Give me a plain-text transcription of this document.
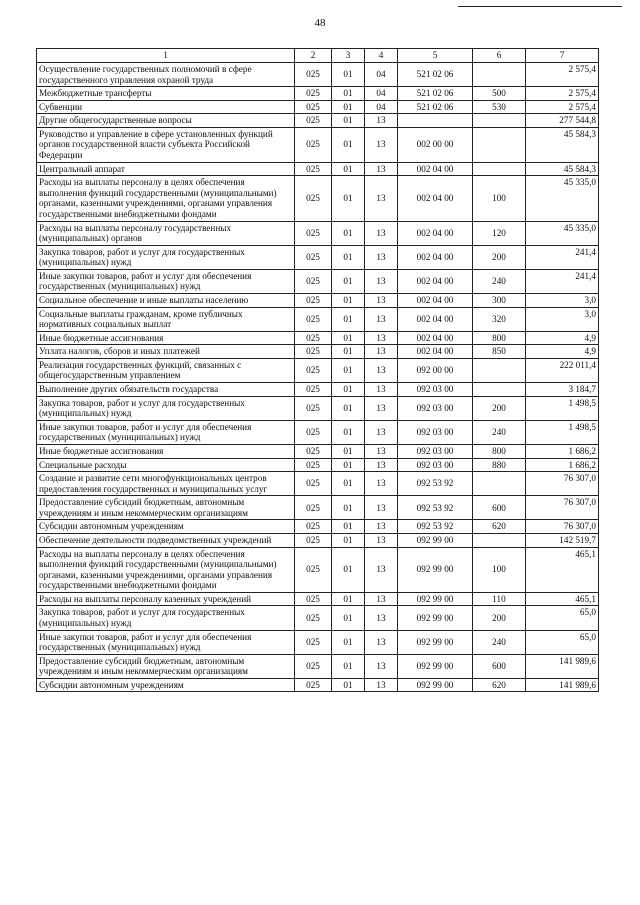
48
1	2	3	4	5	6	7
Осуществление государственных полномочий в сфере государственного управления охраной труда	025	01	04	521 02 06		2 575,4
Межбюджетные трансферты	025	01	04	521 02 06	500	2 575,4
Субвенции	025	01	04	521 02 06	530	2 575,4
Другие общегосударственные вопросы	025	01	13			277 544,8
Руководство и управление в сфере установленных функций органов государственной власти субъекта Российской Федерации	025	01	13	002 00 00		45 584,3
Центральный аппарат	025	01	13	002 04 00		45 584,3
Расходы на выплаты персоналу в целях обеспечения выполнения функций государственными (муниципальными) органами, казенными учреждениями, органами управления государственными внебюджетными фондами	025	01	13	002 04 00	100	45 335,0
Расходы на выплаты персоналу государственных (муниципальных) органов	025	01	13	002 04 00	120	45 335,0
Закупка товаров, работ и услуг для государственных (муниципальных) нужд	025	01	13	002 04 00	200	241,4
Иные закупки товаров, работ и услуг для обеспечения государственных (муниципальных) нужд	025	01	13	002 04 00	240	241,4
Социальное обеспечение и иные выплаты населению	025	01	13	002 04 00	300	3,0
Социальные выплаты гражданам, кроме публичных нормативных социальных выплат	025	01	13	002 04 00	320	3,0
Иные бюджетные ассигнования	025	01	13	002 04 00	800	4,9
Уплата налогов, сборов и иных платежей	025	01	13	002 04 00	850	4,9
Реализация государственных функций, связанных с общегосударственным управлением	025	01	13	092 00 00		222 011,4
Выполнение других обязательств государства	025	01	13	092 03 00		3 184,7
Закупка товаров, работ и услуг для государственных (муниципальных) нужд	025	01	13	092 03 00	200	1 498,5
Иные закупки товаров, работ и услуг для обеспечения государственных (муниципальных) нужд	025	01	13	092 03 00	240	1 498,5
Иные бюджетные ассигнования	025	01	13	092 03 00	800	1 686,2
Специальные расходы	025	01	13	092 03 00	880	1 686,2
Создание и развитие сети многофункциональных центров предоставления государственных и муниципальных услуг	025	01	13	092 53 92		76 307,0
Предоставление субсидий бюджетным, автономным учреждениям и иным некоммерческим организациям	025	01	13	092 53 92	600	76 307,0
Субсидии автономным учреждениям	025	01	13	092 53 92	620	76 307,0
Обеспечение деятельности подведомственных учреждений	025	01	13	092 99 00		142 519,7
Расходы на выплаты персоналу в целях обеспечения выполнения функций государственными (муниципальными) органами, казенными учреждениями, органами управления государственными внебюджетными фондами	025	01	13	092 99 00	100	465,1
Расходы на выплаты персоналу казенных учреждений	025	01	13	092 99 00	110	465,1
Закупка товаров, работ и услуг для государственных (муниципальных) нужд	025	01	13	092 99 00	200	65,0
Иные закупки товаров, работ и услуг для обеспечения государственных (муниципальных) нужд	025	01	13	092 99 00	240	65,0
Предоставление субсидий бюджетным, автономным учреждениям и иным некоммерческим организациям	025	01	13	092 99 00	600	141 989,6
Субсидии автономным учреждениям	025	01	13	092 99 00	620	141 989,6
